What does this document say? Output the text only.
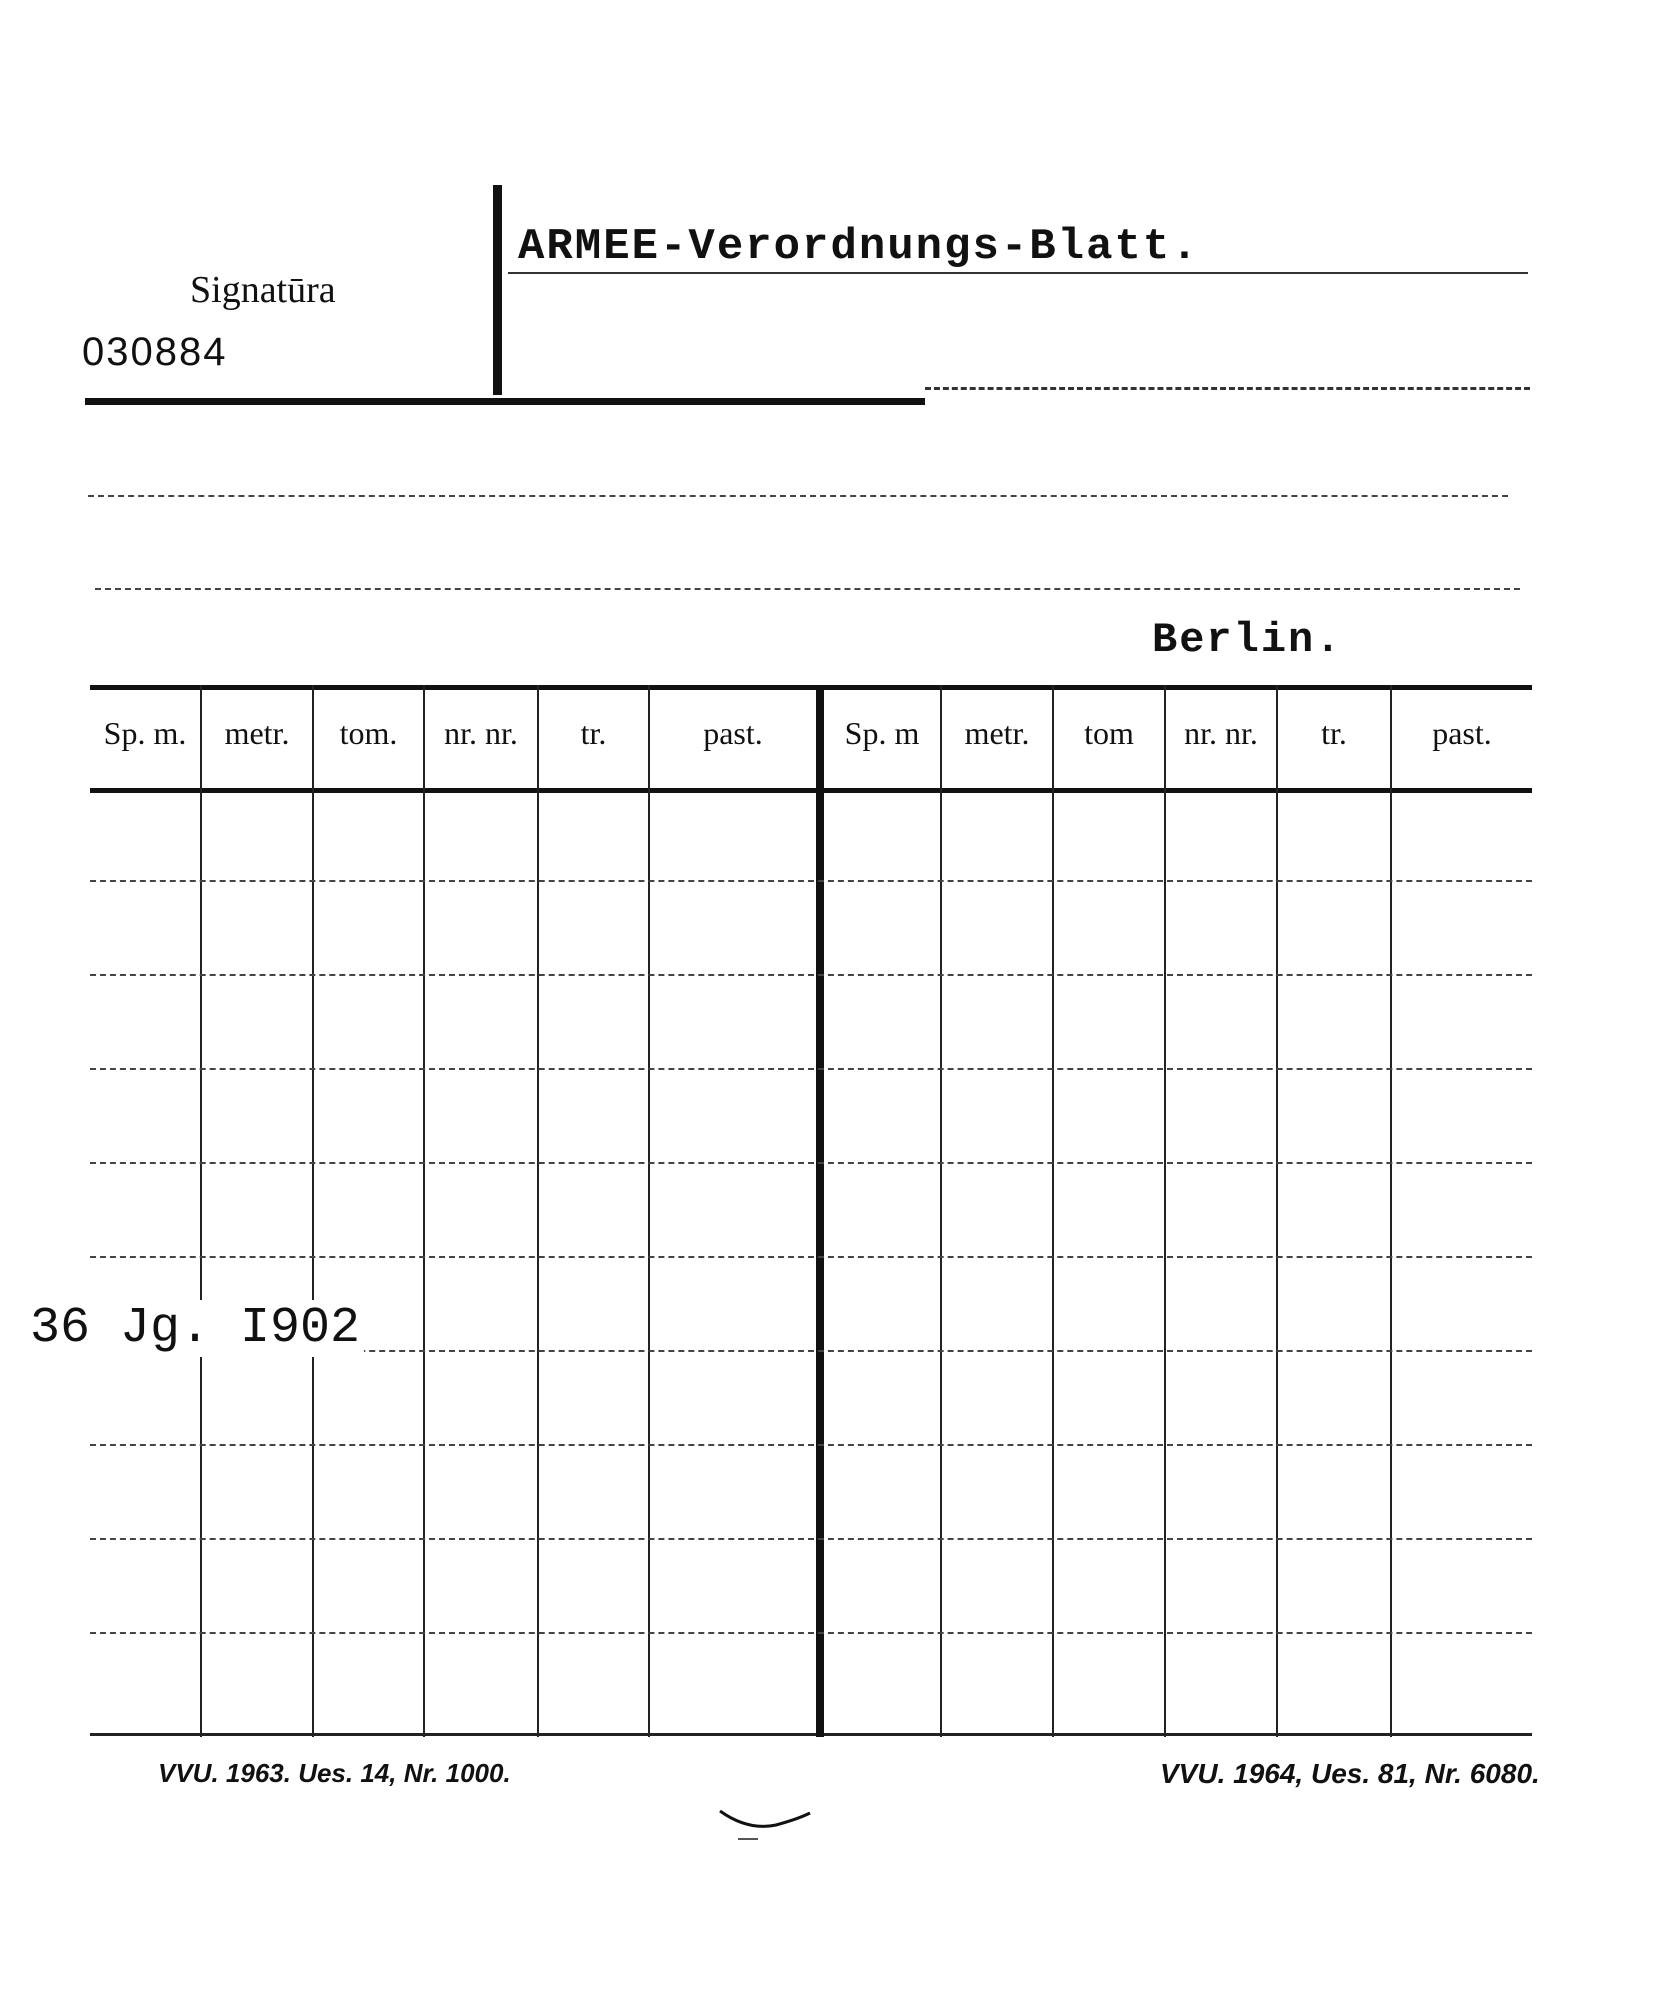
Signatūra
030884
ARMEE-Verordnungs-Blatt.
Berlin.
Sp. m.	metr.	tom.	nr. nr.	tr.	past.	Sp. m	metr.	tom	nr. nr.	tr.	past.
36 Jg. I902
VVU. 1963. Ues. 14, Nr. 1000.	VVU. 1964, Ues. 81, Nr. 6080.
